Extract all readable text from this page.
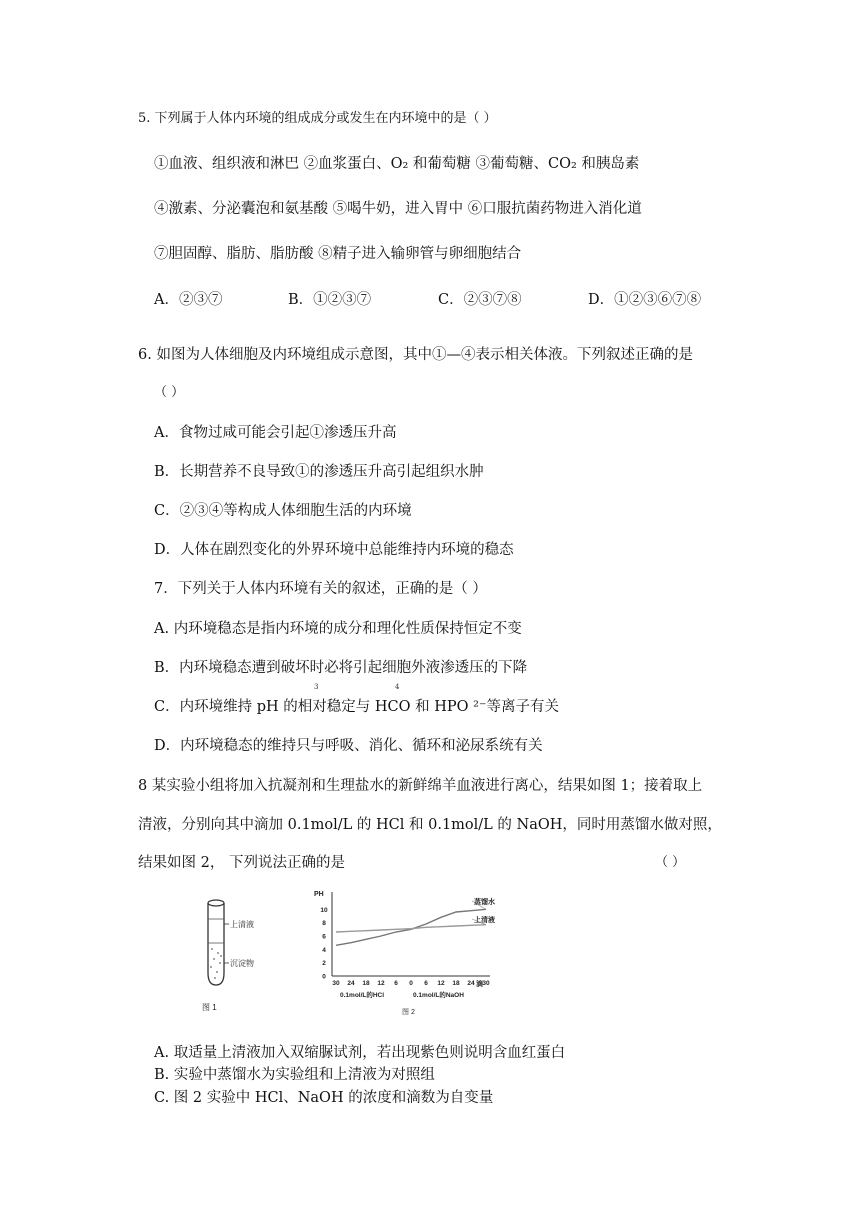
5. 下列属于人体内环境的组成成分或发生在内环境中的是（ ）
①血液、组织液和淋巴 ②血浆蛋白、O₂ 和葡萄糖 ③葡萄糖、CO₂ 和胰岛素
④激素、分泌囊泡和氨基酸 ⑤喝牛奶，进入胃中 ⑥口服抗菌药物进入消化道
⑦胆固醇、脂肪、脂肪酸 ⑧精子进入输卵管与卵细胞结合
A．②③⑦	B．①②③⑦	C．②③⑦⑧	D．①②③⑥⑦⑧
6. 如图为人体细胞及内环境组成示意图，其中①—④表示相关体液。下列叙述正确的是
（ ）
A．食物过咸可能会引起①渗透压升高
B．长期营养不良导致①的渗透压升高引起组织水肿
C．②③④等构成人体细胞生活的内环境
D．人体在剧烈变化的外界环境中总能维持内环境的稳态
7．下列关于人体内环境有关的叙述，正确的是（ ）
A. 内环境稳态是指内环境的成分和理化性质保持恒定不变
B．内环境稳态遭到破坏时必将引起细胞外液渗透压的下降
3	4
C．内环境维持 pH 的相对稳定与 HCO 和 HPO ²⁻等离子有关
D．内环境稳态的维持只与呼吸、消化、循环和泌尿系统有关
8 某实验小组将加入抗凝剂和生理盐水的新鲜绵羊血液进行离心，结果如图 1；接着取上
清液，分别向其中滴加 0.1mol/L 的 HCl 和 0.1mol/L 的 NaOH，同时用蒸馏水做对照，
结果如图 2， 下列说法正确的是	（ ）
上清液
沉淀物
图 1
PH
0
2
4
6
8
10
30 24 18 12 6 0 6 12 18 24 30
蒸馏水
上清液
滴
0.1mol/L的HCl	0.1mol/L的NaOH
图 2
A. 取适量上清液加入双缩脲试剂，若出现紫色则说明含血红蛋白
B. 实验中蒸馏水为实验组和上清液为对照组
C. 图 2 实验中 HCl、NaOH 的浓度和滴数为自变量
